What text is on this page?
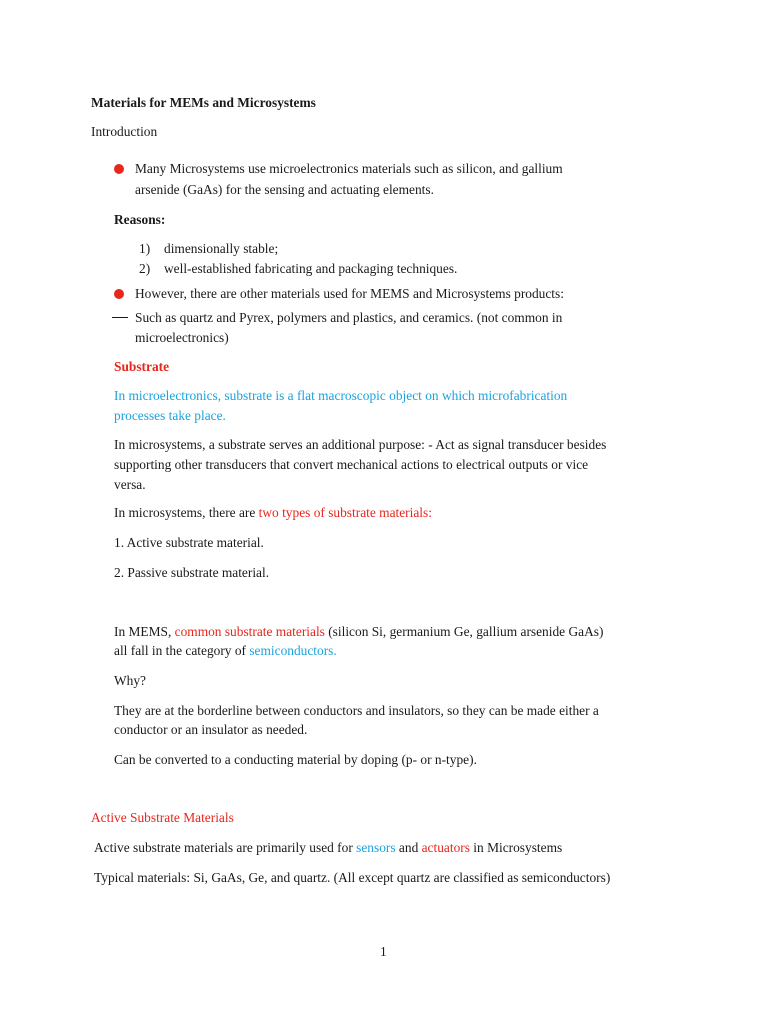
Materials for MEMs and Microsystems
Introduction
Many Microsystems use microelectronics materials such as silicon, and gallium
arsenide (GaAs) for the sensing and actuating elements.
Reasons:
1) dimensionally stable;
2) well-established fabricating and packaging techniques.
However, there are other materials used for MEMS and Microsystems products:
Such as quartz and Pyrex, polymers and plastics, and ceramics. (not common in
microelectronics)
Substrate
In microelectronics, substrate is a flat macroscopic object on which microfabrication
processes take place.
In microsystems, a substrate serves an additional purpose: - Act as signal transducer besides
supporting other transducers that convert mechanical actions to electrical outputs or vice
versa.
In microsystems, there are two types of substrate materials:
1. Active substrate material.
2. Passive substrate material.
In MEMS, common substrate materials (silicon Si, germanium Ge, gallium arsenide GaAs)
all fall in the category of semiconductors.
Why?
They are at the borderline between conductors and insulators, so they can be made either a
conductor or an insulator as needed.
Can be converted to a conducting material by doping (p- or n-type).
Active Substrate Materials
Active substrate materials are primarily used for sensors and actuators in Microsystems
Typical materials: Si, GaAs, Ge, and quartz. (All except quartz are classified as semiconductors)
1
